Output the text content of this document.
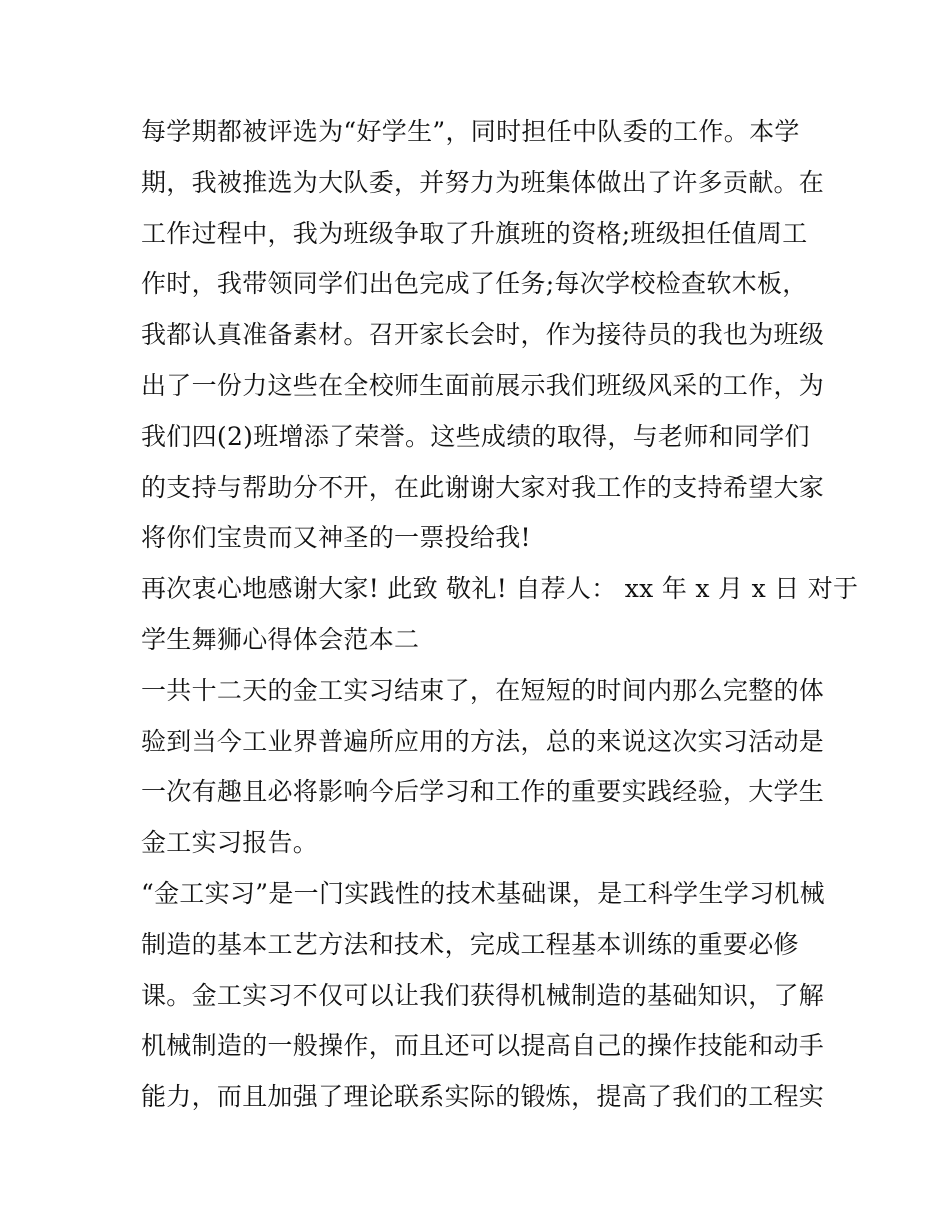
每学期都被评选为“好学生”，同时担任中队委的工作。本学
期，我被推选为大队委，并努力为班集体做出了许多贡献。在
工作过程中，我为班级争取了升旗班的资格;班级担任值周工
作时，我带领同学们出色完成了任务;每次学校检查软木板，
我都认真准备素材。召开家长会时，作为接待员的我也为班级
出了一份力这些在全校师生面前展示我们班级风采的工作，为
我们四(2)班增添了荣誉。这些成绩的取得，与老师和同学们
的支持与帮助分不开，在此谢谢大家对我工作的支持希望大家
将你们宝贵而又神圣的一票投给我!
再次衷心地感谢大家! 此致 敬礼! 自荐人： xx 年 x 月 x 日 对于
学生舞狮心得体会范本二
一共十二天的金工实习结束了，在短短的时间内那么完整的体
验到当今工业界普遍所应用的方法，总的来说这次实习活动是
一次有趣且必将影响今后学习和工作的重要实践经验，大学生
金工实习报告。
“金工实习”是一门实践性的技术基础课，是工科学生学习机械
制造的基本工艺方法和技术，完成工程基本训练的重要必修
课。金工实习不仅可以让我们获得机械制造的基础知识，了解
机械制造的一般操作，而且还可以提高自己的操作技能和动手
能力，而且加强了理论联系实际的锻炼，提高了我们的工程实
